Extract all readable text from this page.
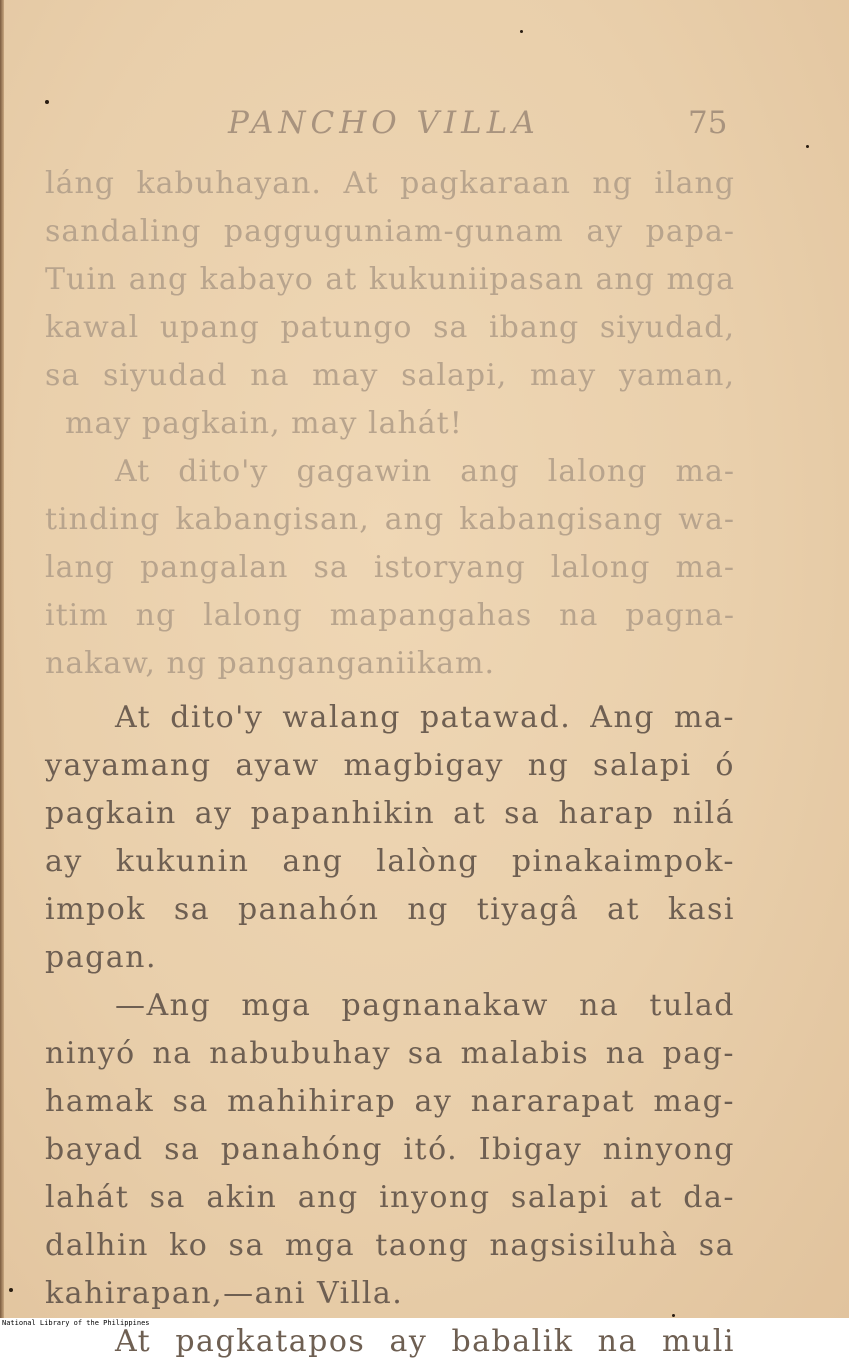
PANCHO VILLA	75
láng kabuhayan. At pagkaraan ng ilang
sandaling pagguguniam-gunam ay papa-
Tuin ang kabayo at kukuniipasan ang mga
kawal upang patungo sa ibang siyudad,
sa siyudad na may salapi, may yaman,
may pagkain, may lahát!
At dito'y gagawin ang lalong ma-
tinding kabangisan, ang kabangisang wa-
lang pangalan sa istoryang lalong ma-
itim ng lalong mapangahas na pagna-
nakaw, ng panganganiikam.
At dito'y walang patawad. Ang ma-
yayamang ayaw magbigay ng salapi ó
pagkain ay papanhikin at sa harap nilá
ay kukunin ang lalòng pinakaimpok-
impok sa panahón ng tiyagâ at kasi
pagan.
—Ang mga pagnanakaw na tulad
ninyó na nabubuhay sa malabis na pag-
hamak sa mahihirap ay nararapat mag-
bayad sa panahóng itó. Ibigay ninyong
lahát sa akin ang inyong salapi at da-
dalhin ko sa mga taong nagsisiluhà sa
kahirapan,—ani Villa.
At pagkatapos ay babalik na muli
National Library of the Philippines
